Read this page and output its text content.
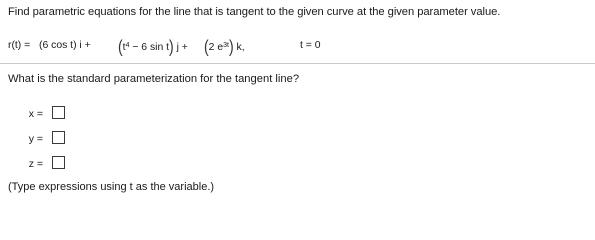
Find parametric equations for the line that is tangent to the given curve at the given parameter value.
r(t) = (6 cos t) $i + (t^4 - 6$ sin t) j + (2 $e^{3t}$) k,	t = 0
What is the standard parameterization for the tangent line?
x =
y =
z =
(Type expressions using t as the variable.)
